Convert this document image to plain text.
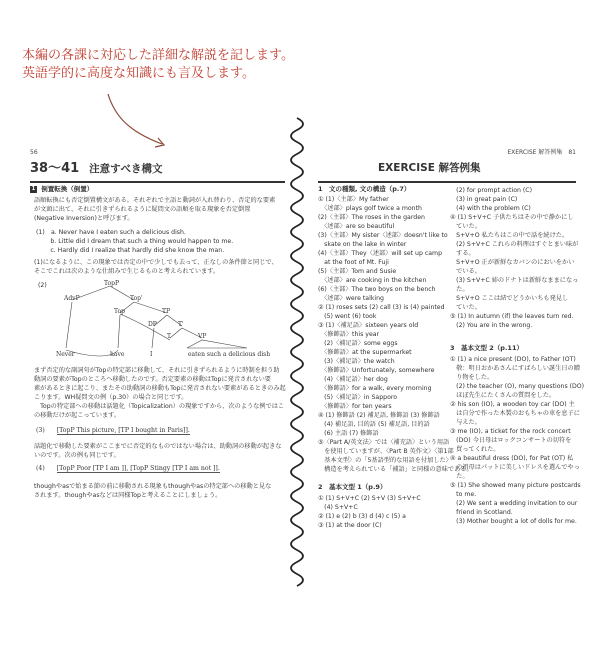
本編の各課に対応した詳細な解説を記します。
英語学的に高度な知識にも言及します。
56
38～41 注意すべき構文
1 倒置転換（倒置）
語順転換にも否定倒置構文がある。それぞれで主語と動詞が入れ替わり、否定的な要素
が文頭に出て、それに引きずられるように疑問文の語順を取る現象を否定倒置
(Negative Inversion)と呼びます。
(1)　a. Never have I eaten such a delicious dish.
　　 b. Little did I dream that such a thing would happen to me.
　　 c. Hardly did I realize that hardly did she know the man.
(1)になるように、この現象では否定の中で少しでも去って、正なしの条件節と同じで、
そこでこれは次のような仕組みで生じるものと考えられています。
(2)	TopP
AdvP	Top'
Top	TP
DP	T'
T	VP
Never	have	I	eaten such a delicious dish
まず否定的な副詞句がTopの特定部に移動して、それに引きずられるように時制を担う助
動詞の要素がTopのところへ移動したのです。否定要素の移動はTopに発音されない要
素があるときに起こり、またその助動詞の移動もTopに発音されない要素があるときのみ起
こります。WH疑問文の例（p.30）の場合と同じです。
　Topの特定部への移動は話題化（Topicalization）の現象ですから、次のような例ではこ
の移動だけが起こっています。
(3) [TopP This picture, [TP I bought in Paris]].
話題化で移動した要素がここまでに否定的なものではない場合は、助動詞の移動が起きな
いのです。次の例も同じです。
(4) [TopP Poor [TP I am ]], [TopP Stingy [TP I am not ]].
thoughやasで始まる節の前に移動される現象もthoughやasの特定部への移動と見な
されます。thoughやasなどは同様Topと考えることにしましょう。
EXERCISE 解答例集　81
EXERCISE 解答例集
1　文の種類, 文の構造（p.7）
① (1)〈主部〉My father
　〈述部〉plays golf twice a month
(2)〈主部〉The roses in the garden
　〈述部〉are so beautiful
(3)〈主部〉My sister〈述部〉doesn't like to
　skate on the lake in winter
(4)〈主部〉They〈述部〉will set up camp
　at the foot of Mt. Fuji
(5)〈主部〉Tom and Susie
　〈述部〉are cooking in the kitchen
(6)〈主部〉The two boys on the bench
　〈述部〉were talking
② (1) roses sets (2) call (3) is (4) painted
　(5) went (6) took
③ (1)〈補足語〉sixteen years old
　〈修飾語〉this year
　(2)〈補足語〉some eggs
　〈修飾語〉at the supermarket
　(3)〈補足語〉the watch
　〈修飾語〉Unfortunately, somewhere
　(4)〈補足語〉her dog
　〈修飾語〉for a walk, every morning
　(5)〈補足語〉in Sapporo
　〈修飾語〉for ten years
④ (1) 修飾語 (2) 補足語, 修飾語 (3) 修飾語
　(4) 補足語, 目的語 (5) 補足語, 目的語
　(6) 主語 (7) 修飾語
⑤〈Part A/英文法〉では〈補充語〉という用語
　を使用していますが、〈Part B 英作文〉〈第1部
　基本文型〉の「5基語型的な用語を付加した〉
　構造を考えられている「補語」と同様の意味である。
2　基本文型 1（p.9）
① (1) S+V+C (2) S+V (3) S+V+C
　(4) S+V+C
② (1) e (2) b (3) d (4) c (5) a
③ (1) at the door (C)
　(2) for prompt action (C)
　(3) in great pain (C)
　(4) with the problem (C)
④ (1) S+V+C 子供たちはその中で静かにし
　ていた。
　S+V+O 私たちはこの中で話を続けた。
　(2) S+V+C これらの料理はすぐとまい味が
　する。
　S+V+O 正が新鮮なカバンのにおいをかい
　でいる。
　(3) S+V+C 姉のドナトは新鮮なままになっ
　た。
　S+V+O ここは結でどうかいちも発見し
　ていた。
⑤ (1) In autumn (if) the leaves turn red.
　(2) You are in the wrong.
3　基本文型 2（p.11）
① (1) a nice present (DO), to Father (OT)
　敬：明日おかあさんにすばらしい誕生日の贈
　り物をした。
　(2) the teacher (O), many questions (DO)
　ほぼ先生にたくさんの質問をした。
② his son (IO), a wooden toy car (DO) 主
　は自分で作った木製のおもちゃの車を息子に
　与えた。
③ me (IO), a ticket for the rock concert
　(DO) 今日母はロックコンサートの切符を
　買ってくれた。
④ a beautiful dress (DO), for Pat (OT) 私
　の祖母はパットに美しいドレスを選んでやっ
　た。
⑤ (1) She showed many picture postcards
　to me.
　(2) We sent a wedding invitation to our
　friend in Scotland.
　(3) Mother bought a lot of dolls for me.
